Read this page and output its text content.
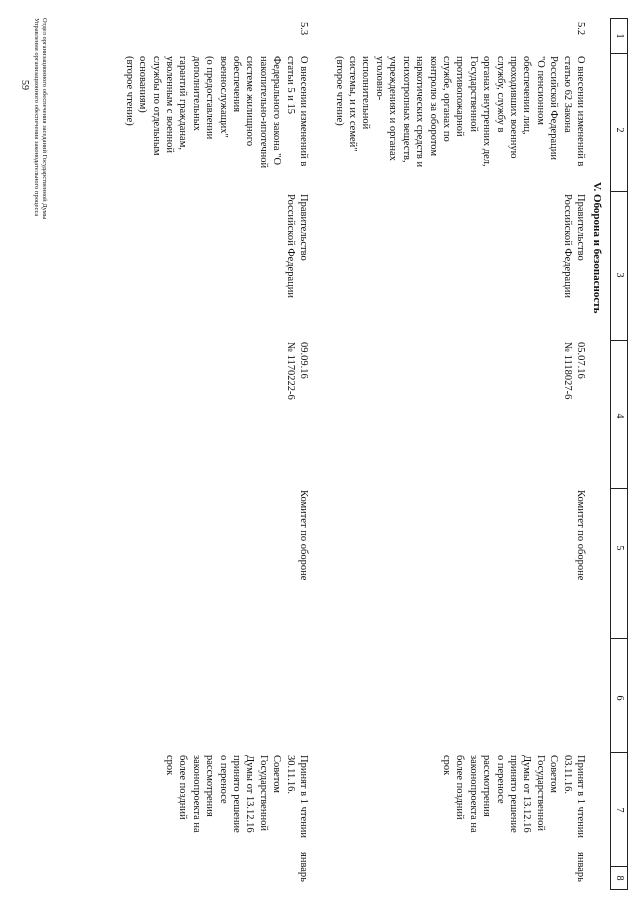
1
2
3
4
5
6
7
8
V. Оборона и безопасность
5.2
О внесении изменений в
статью 62 Закона
Российской Федерации
"О пенсионном
обеспечении лиц,
проходивших военную
службу, службу в
органах внутренних дел,
Государственной
противопожарной
службе, органах по
контролю за оборотом
наркотических средств и
психотропных веществ,
учреждениях и органах
уголовно-
исполнительной
системы, и их семей"
(второе чтение)
Правительство
Российской Федерации
05.07.16
№ 1118027-6
Комитет по обороне
Принят в 1 чтении
03.11.16.
Советом
Государственной
Думы от 13.12.16
принято решение
о переносе
рассмотрения
законопроекта на
более поздний
срок
январь
5.3
О внесении изменений в
статьи 5 и 15
Федерального закона "О
накопительно-ипотечной
системе жилищного
обеспечения
военнослужащих"
(о предоставлении
дополнительных
гарантий гражданам,
уволенным с военной
службы по отдельным
основаниям)
(второе чтение)
Правительство
Российской Федерации
09.09.16
№ 1170222-6
Комитет по обороне
Принят в 1 чтении
30.11.16.
Советом
Государственной
Думы от 13.12.16
принято решение
о переносе
рассмотрения
законопроекта на
более поздний
срок
январь
Отдел организационного обеспечения заседаний Государственной Думы
Управления организационного обеспечения законодательного процесса
59
